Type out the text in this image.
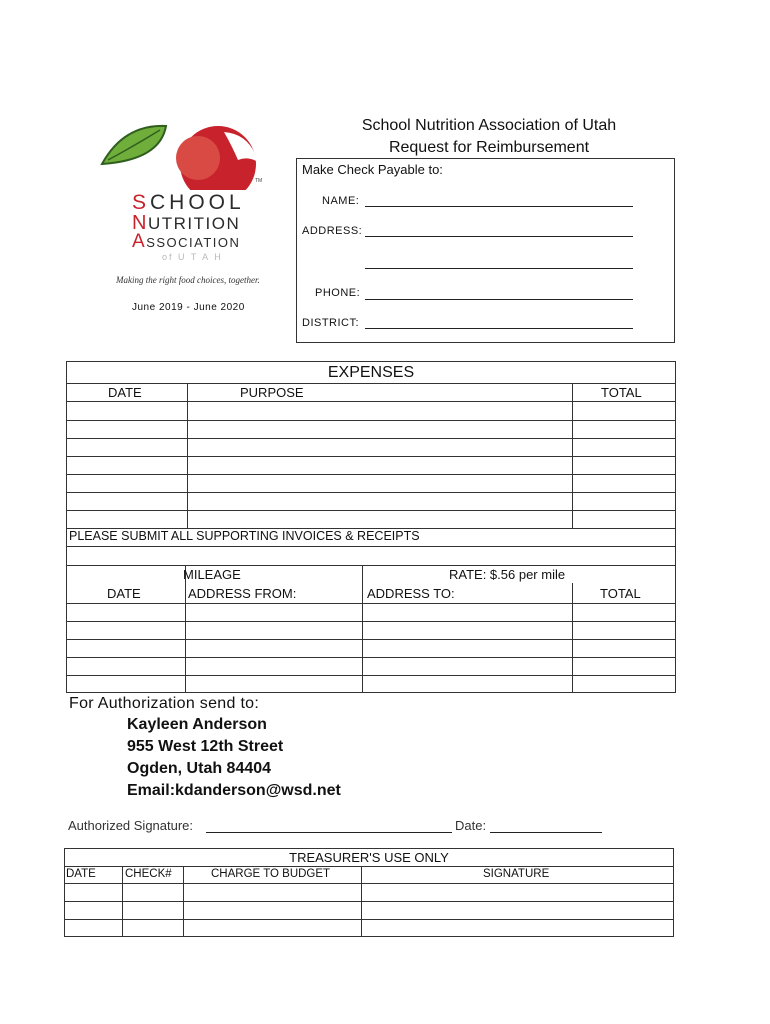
School Nutrition Association of Utah
Request for Reimbursement
TM
SCHOOL
NUTRITION
ASSOCIATION
of U T A H
Making the right food choices, together.
June 2019 - June 2020
Make Check Payable to:
NAME:
ADDRESS:
PHONE:
DISTRICT:
EXPENSES
DATE	PURPOSE	TOTAL
PLEASE SUBMIT ALL SUPPORTING INVOICES & RECEIPTS
MILEAGE	RATE: $.56 per mile
DATE	ADDRESS FROM:	ADDRESS TO:	TOTAL
For Authorization send to:
Kayleen Anderson
955 West 12th Street
Ogden, Utah 84404
Email:kdanderson@wsd.net
Authorized Signature:	Date:
TREASURER'S USE ONLY
DATE	CHECK#	CHARGE TO BUDGET	SIGNATURE
